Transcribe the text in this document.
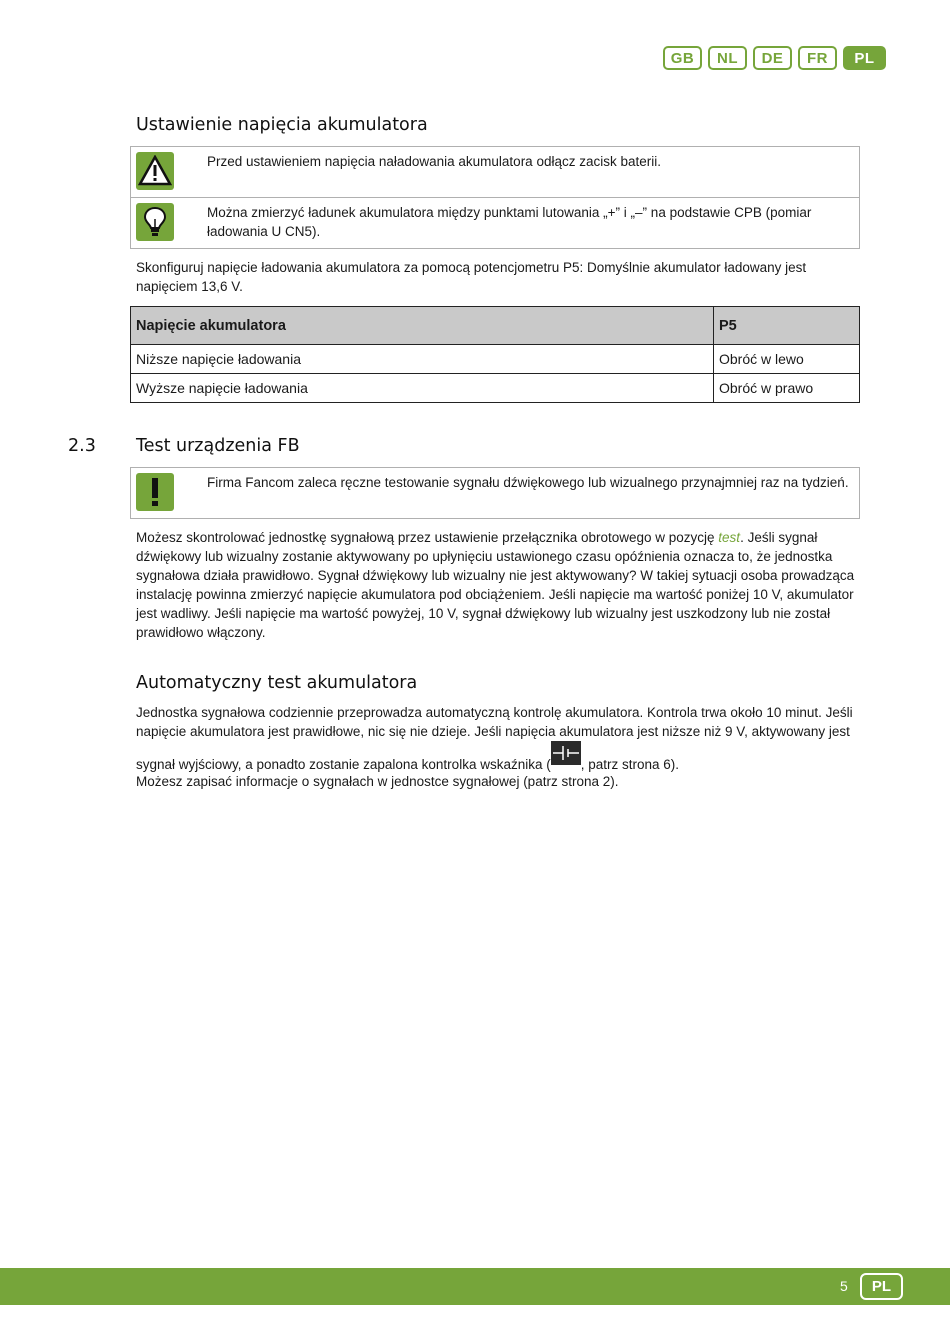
GB	NL	DE	FR	PL
Ustawienie napięcia akumulatora
Przed ustawieniem napięcia naładowania akumulatora odłącz zacisk baterii.
Można zmierzyć ładunek akumulatora między punktami lutowania „+” i „–” na podstawie CPB (pomiar ładowania U CN5).

Skonfiguruj napięcie ładowania akumulatora za pomocą potencjometru P5: Domyślnie akumulator ładowany jest napięciem 13,6 V.

Napięcie akumulatora	P5
Niższe napięcie ładowania	Obróć w lewo
Wyższe napięcie ładowania	Obróć w prawo
2.3 Test urządzenia FB
Firma Fancom zaleca ręczne testowanie sygnału dźwiękowego lub wizualnego przynajmniej raz na tydzień.

Możesz skontrolować jednostkę sygnałową przez ustawienie przełącznika obrotowego w pozycję test. Jeśli sygnał dźwiękowy lub wizualny zostanie aktywowany po upłynięciu ustawionego czasu opóźnienia oznacza to, że jednostka sygnałowa działa prawidłowo. Sygnał dźwiękowy lub wizualny nie jest aktywowany? W takiej sytuacji osoba prowadząca instalację powinna zmierzyć napięcie akumulatora pod obciążeniem. Jeśli napięcie ma wartość poniżej 10 V, akumulator jest wadliwy. Jeśli napięcie ma wartość powyżej, 10 V, sygnał dźwiękowy lub wizualny jest uszkodzony lub nie został prawidłowo włączony.

Automatyczny test akumulatora

Jednostka sygnałowa codziennie przeprowadza automatyczną kontrolę akumulatora. Kontrola trwa około 10 minut. Jeśli napięcie akumulatora jest prawidłowe, nic się nie dzieje. Jeśli napięcia akumulatora jest niższe niż 9 V, aktywowany jest sygnał wyjściowy, a ponadto zostanie zapalona kontrolka wskaźnika ( , patrz strona 6).

Możesz zapisać informacje o sygnałach w jednostce sygnałowej (patrz strona 2).

5	PL
